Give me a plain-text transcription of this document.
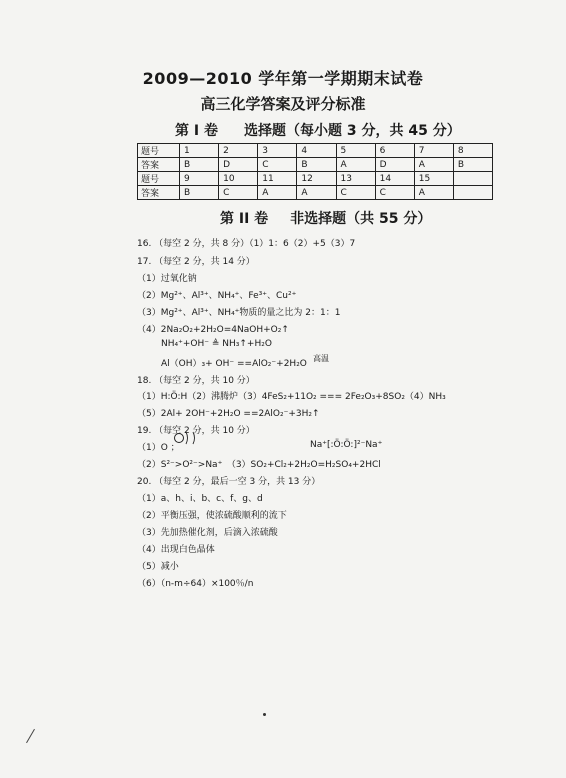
2009—2010 学年第一学期期末试卷
高三化学答案及评分标准
第 I 卷 选择题（每小题 3 分，共 45 分）
题号	1	2	3	4	5	6	7	8
答案	B	D	C	B	A	D	A	B
题号	9	10	11	12	13	14	15	
答案	B	C	A	A	C	C	A	
第 II 卷 非选择题（共 55 分）
16. （每空 2 分，共 8 分）（1）1：6（2）+5（3）7
17. （每空 2 分，共 14 分）
（1）过氧化钠
（2）Mg²⁺、Al³⁺、NH₄⁺、Fe³⁺、Cu²⁺
（3）Mg²⁺、Al³⁺、NH₄⁺物质的量之比为 2：1：1
（4）2Na₂O₂+2H₂O=4NaOH+O₂↑
NH₄⁺+OH⁻ ≜ NH₃↑+H₂O
Al（OH）₃+ OH⁻ ==AlO₂⁻+2H₂O
18. （每空 2 分，共 10 分）
高温
（1）H:Ö:H（2）沸腾炉（3）4FeS₂+11O₂ === 2Fe₂O₃+8SO₂（4）NH₃
（5）2Al+ 2OH⁻+2H₂O ==2AlO₂⁻+3H₂↑
19. （每空 2 分，共 10 分）
（1）O ；	Na⁺[:Ö:Ö:]²⁻Na⁺
（2）S²⁻>O²⁻>Na⁺　（3）SO₂+Cl₂+2H₂O=H₂SO₄+2HCl
20. （每空 2 分，最后一空 3 分，共 13 分）
（1）a、h、i、b、c、f、g、d
（2）平衡压强，使浓硫酸顺利的流下
（3）先加热催化剂，后滴入浓硫酸
（4）出现白色晶体
（5）减小
（6）（n-m÷64）×100％/n
